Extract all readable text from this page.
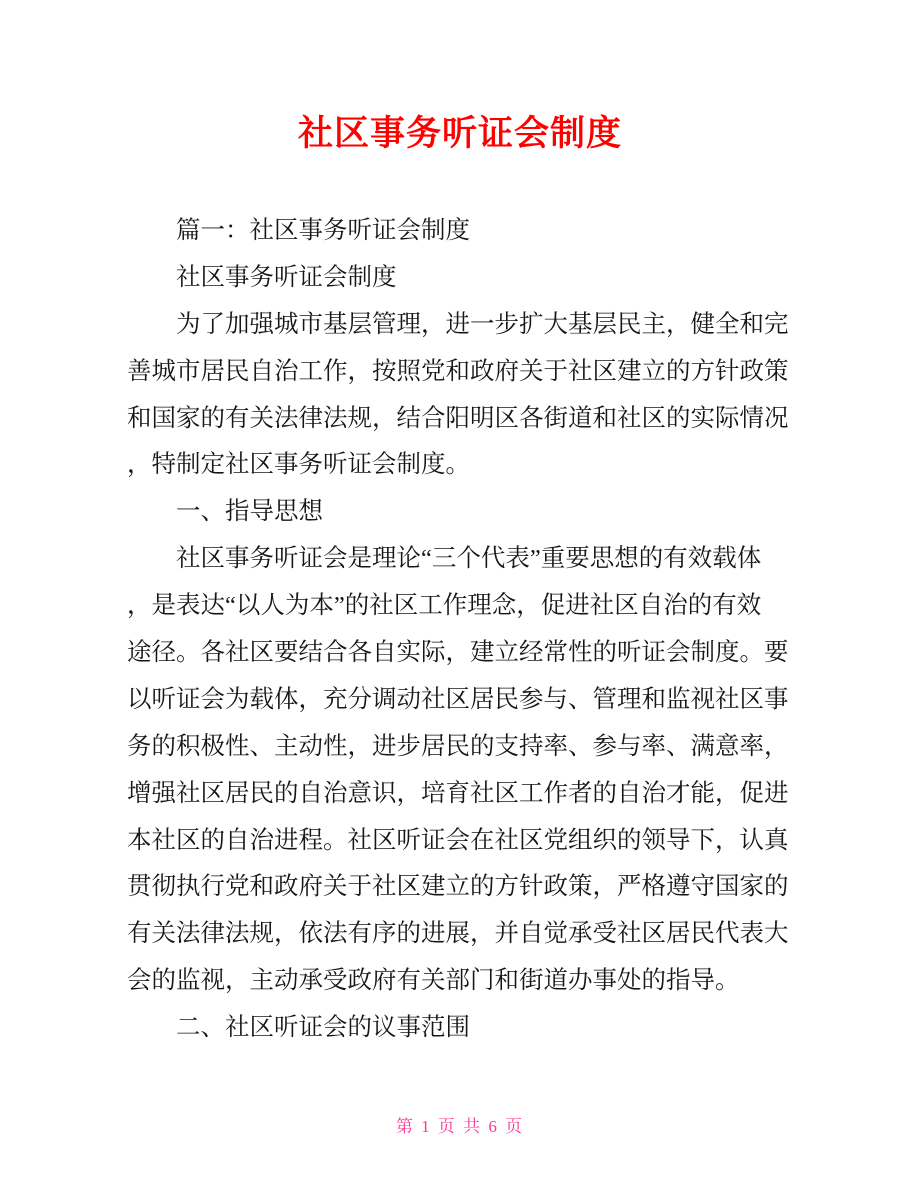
社区事务听证会制度
篇一：社区事务听证会制度
社区事务听证会制度
为了加强城市基层管理，进一步扩大基层民主，健全和完
善城市居民自治工作，按照党和政府关于社区建立的方针政策
和国家的有关法律法规，结合阳明区各街道和社区的实际情况
，特制定社区事务听证会制度。
一、指导思想
社区事务听证会是理论“三个代表”重要思想的有效载体
，是表达“以人为本”的社区工作理念，促进社区自治的有效
途径。各社区要结合各自实际，建立经常性的听证会制度。要
以听证会为载体，充分调动社区居民参与、管理和监视社区事
务的积极性、主动性，进步居民的支持率、参与率、满意率，
增强社区居民的自治意识，培育社区工作者的自治才能，促进
本社区的自治进程。社区听证会在社区党组织的领导下，认真
贯彻执行党和政府关于社区建立的方针政策，严格遵守国家的
有关法律法规，依法有序的进展，并自觉承受社区居民代表大
会的监视，主动承受政府有关部门和街道办事处的指导。
二、社区听证会的议事范围
第 1 页 共 6 页
